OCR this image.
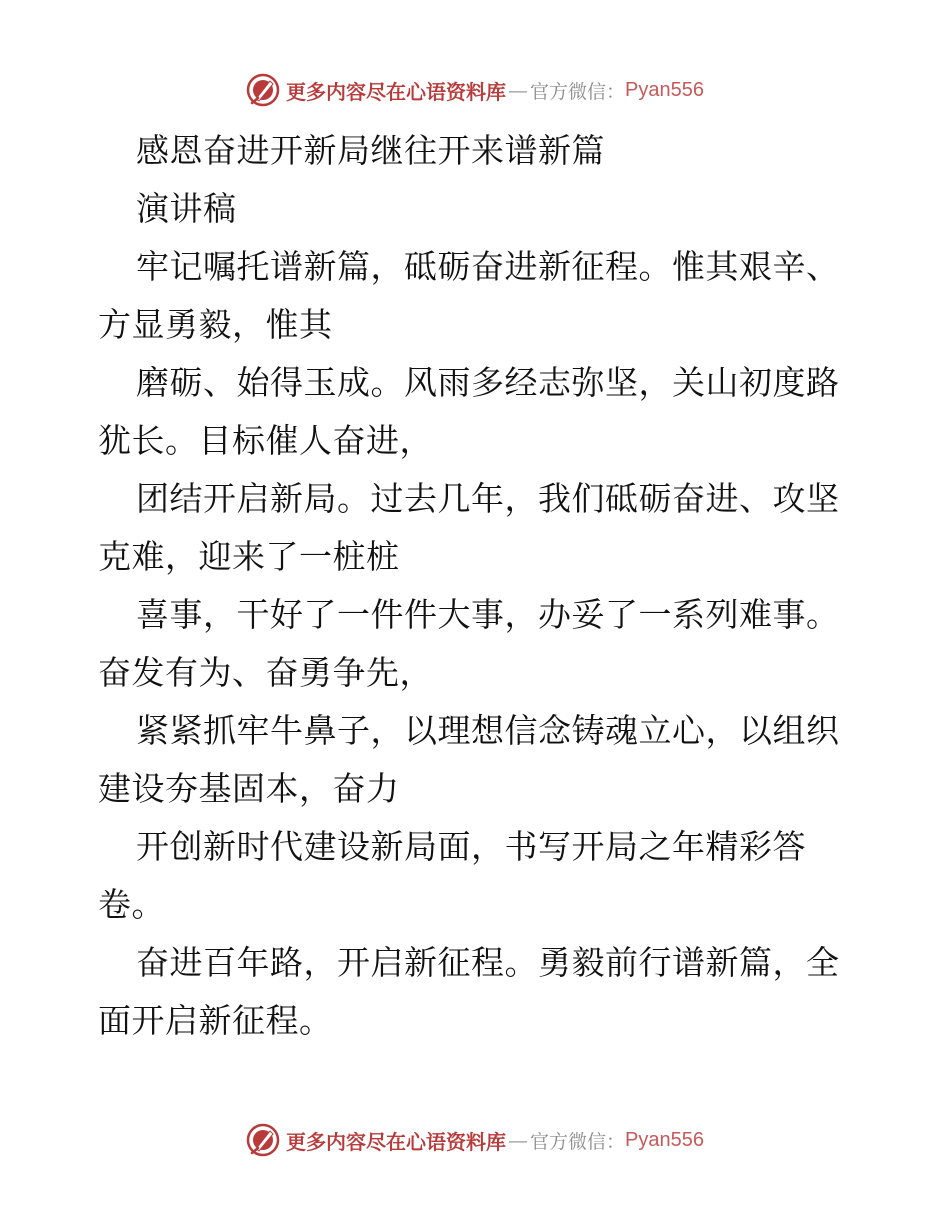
更多内容尽在心语资料库 — 官方微信： Pyan556

感恩奋进开新局继往开来谱新篇

演讲稿

牢记嘱托谱新篇，砥砺奋进新征程。惟其艰辛、

方显勇毅，惟其

磨砺、始得玉成。风雨多经志弥坚，关山初度路

犹长。目标催人奋进，

团结开启新局。过去几年，我们砥砺奋进、攻坚

克难，迎来了一桩桩

喜事，干好了一件件大事，办妥了一系列难事。

奋发有为、奋勇争先，

紧紧抓牢牛鼻子，以理想信念铸魂立心，以组织

建设夯基固本，奋力

开创新时代建设新局面，书写开局之年精彩答

卷。

奋进百年路，开启新征程。勇毅前行谱新篇，全

面开启新征程。

更多内容尽在心语资料库 — 官方微信： Pyan556
